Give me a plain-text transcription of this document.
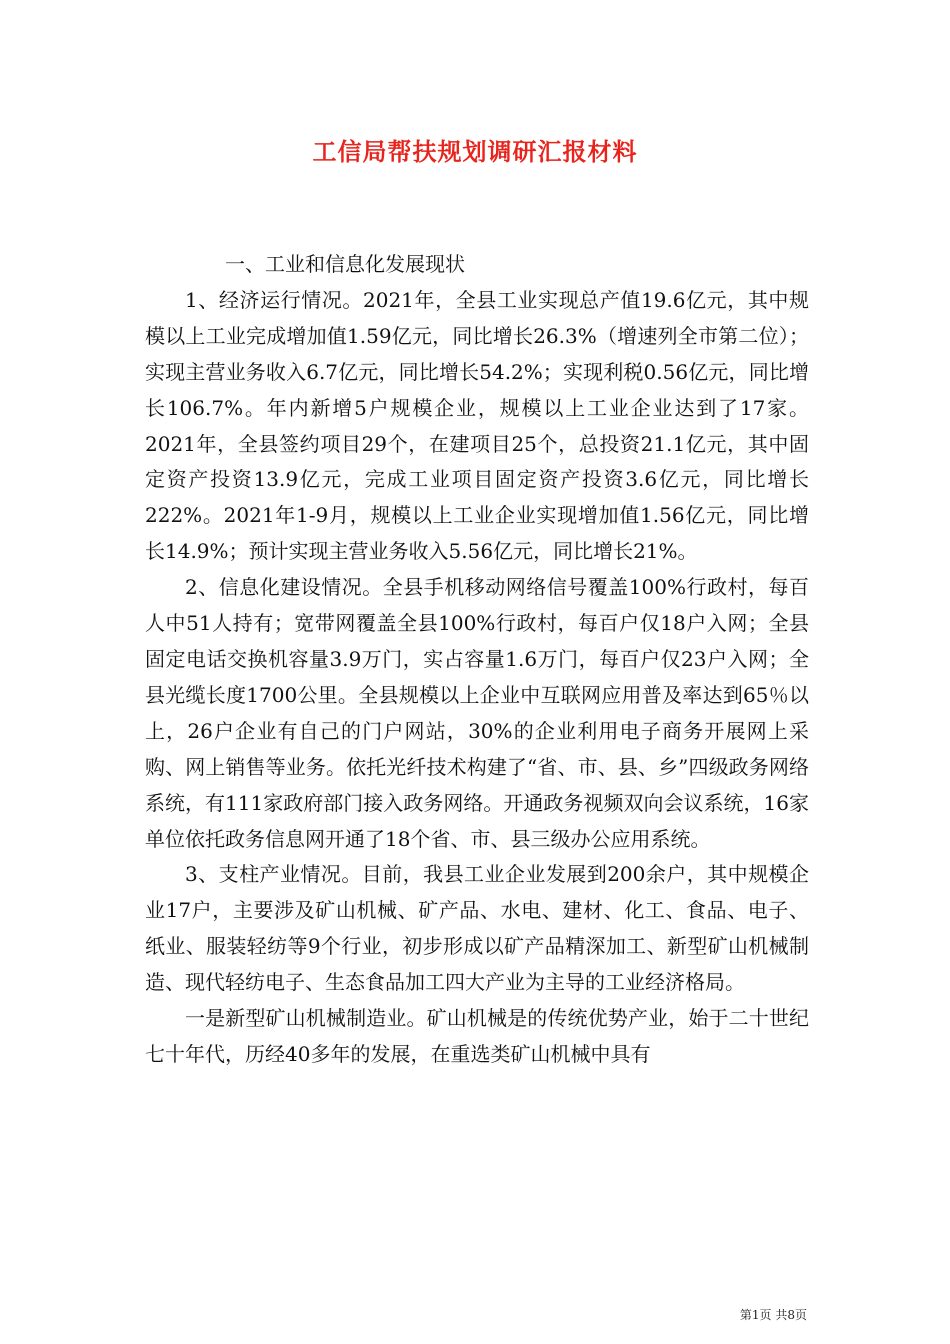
工信局帮扶规划调研汇报材料

一、工业和信息化发展现状

1、经济运行情况。2021年，全县工业实现总产值19.6亿元，其中规模以上工业完成增加值1.59亿元，同比增长26.3%（增速列全市第二位）；实现主营业务收入6.7亿元，同比增长54.2%；实现利税0.56亿元，同比增长106.7%。年内新增5户规模企业，规模以上工业企业达到了17家。2021年，全县签约项目29个，在建项目25个，总投资21.1亿元，其中固定资产投资13.9亿元，完成工业项目固定资产投资3.6亿元，同比增长222%。2021年1-9月，规模以上工业企业实现增加值1.56亿元，同比增长14.9%；预计实现主营业务收入5.56亿元，同比增长21%。

2、信息化建设情况。全县手机移动网络信号覆盖100%行政村，每百人中51人持有；宽带网覆盖全县100%行政村，每百户仅18户入网；全县固定电话交换机容量3.9万门，实占容量1.6万门，每百户仅23户入网；全县光缆长度1700公里。全县规模以上企业中互联网应用普及率达到65％以上，26户企业有自己的门户网站，30%的企业利用电子商务开展网上采购、网上销售等业务。依托光纤技术构建了“省、市、县、乡”四级政务网络系统，有111家政府部门接入政务网络。开通政务视频双向会议系统，16家单位依托政务信息网开通了18个省、市、县三级办公应用系统。

3、支柱产业情况。目前，我县工业企业发展到200余户，其中规模企业17户，主要涉及矿山机械、矿产品、水电、建材、化工、食品、电子、纸业、服装轻纺等9个行业，初步形成以矿产品精深加工、新型矿山机械制造、现代轻纺电子、生态食品加工四大产业为主导的工业经济格局。

一是新型矿山机械制造业。矿山机械是的传统优势产业，始于二十世纪七十年代，历经40多年的发展，在重选类矿山机械中具有

第1页 共8页
